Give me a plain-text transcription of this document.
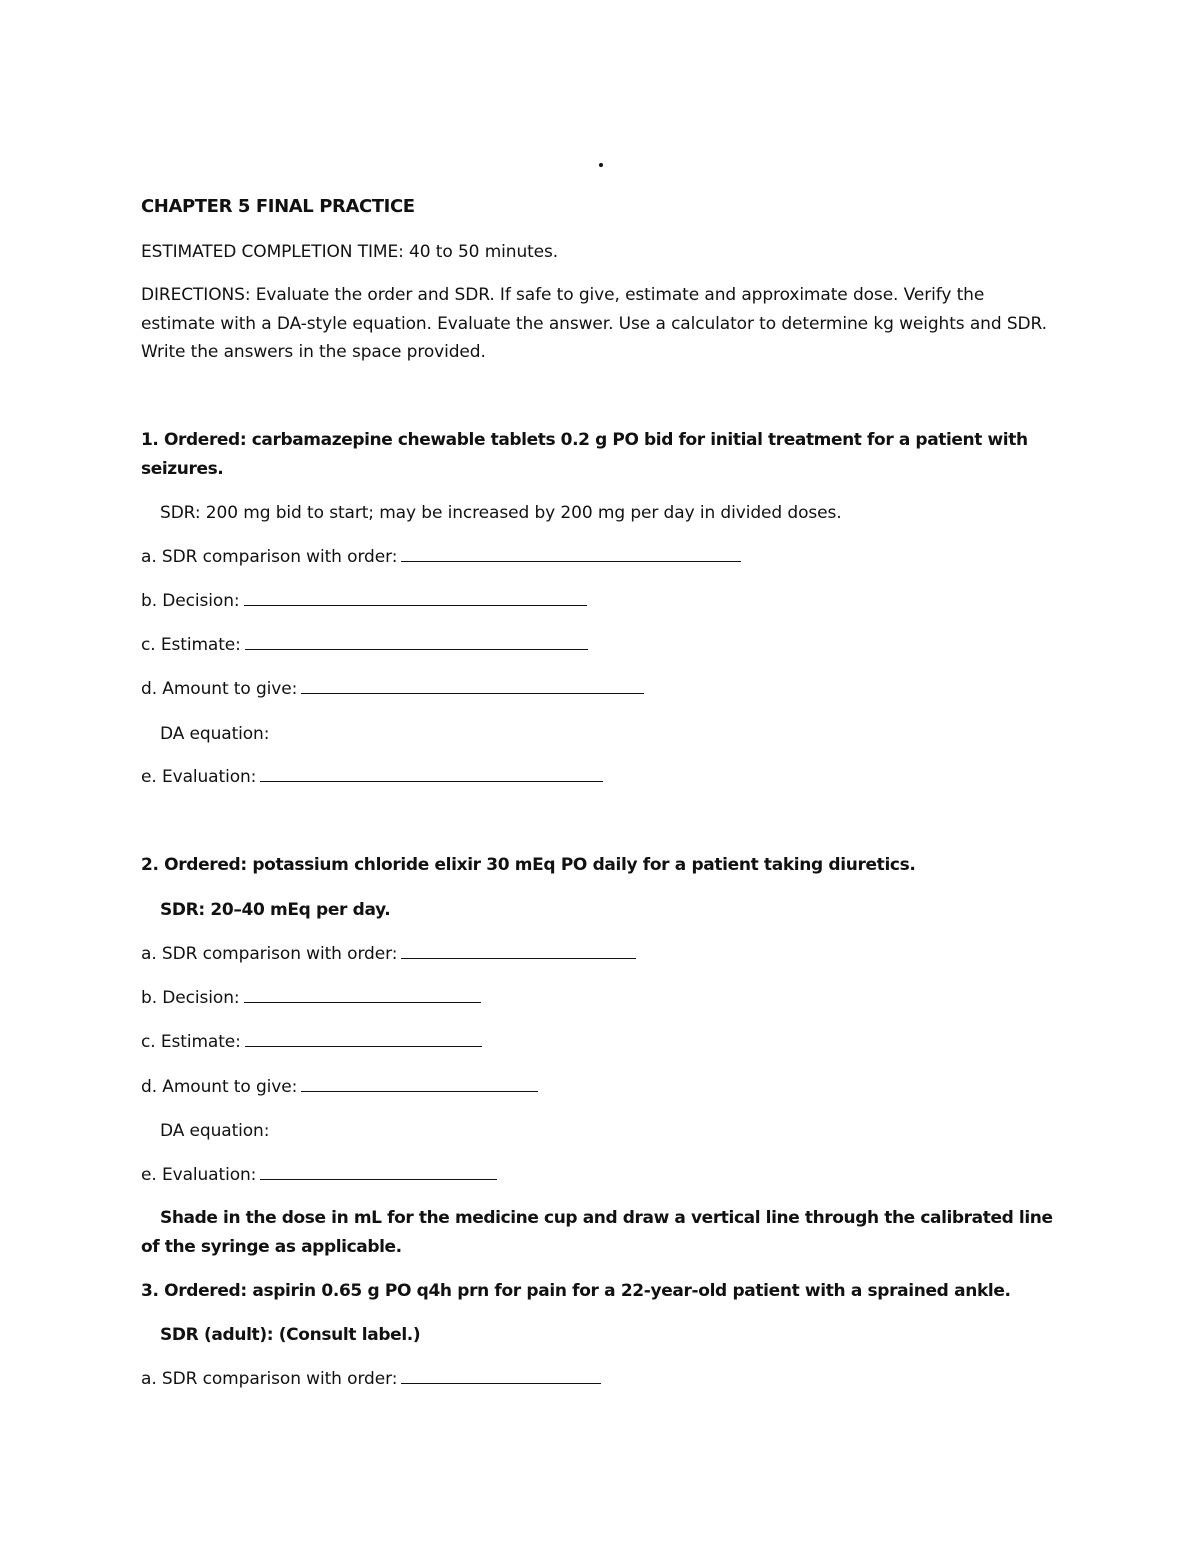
CHAPTER 5 FINAL PRACTICE
ESTIMATED COMPLETION TIME: 40 to 50 minutes.
DIRECTIONS: Evaluate the order and SDR. If safe to give, estimate and approximate dose. Verify the estimate with a DA-style equation. Evaluate the answer. Use a calculator to determine kg weights and SDR. Write the answers in the space provided.
1. Ordered: carbamazepine chewable tablets 0.2 g PO bid for initial treatment for a patient with seizures.
SDR: 200 mg bid to start; may be increased by 200 mg per day in divided doses.
a. SDR comparison with order:
b. Decision:
c. Estimate:
d. Amount to give:
DA equation:
e. Evaluation:
2. Ordered: potassium chloride elixir 30 mEq PO daily for a patient taking diuretics.
SDR: 20–40 mEq per day.
a. SDR comparison with order:
b. Decision:
c. Estimate:
d. Amount to give:
DA equation:
e. Evaluation:
Shade in the dose in mL for the medicine cup and draw a vertical line through the calibrated line of the syringe as applicable.
3. Ordered: aspirin 0.65 g PO q4h prn for pain for a 22-year-old patient with a sprained ankle.
SDR (adult): (Consult label.)
a. SDR comparison with order:
